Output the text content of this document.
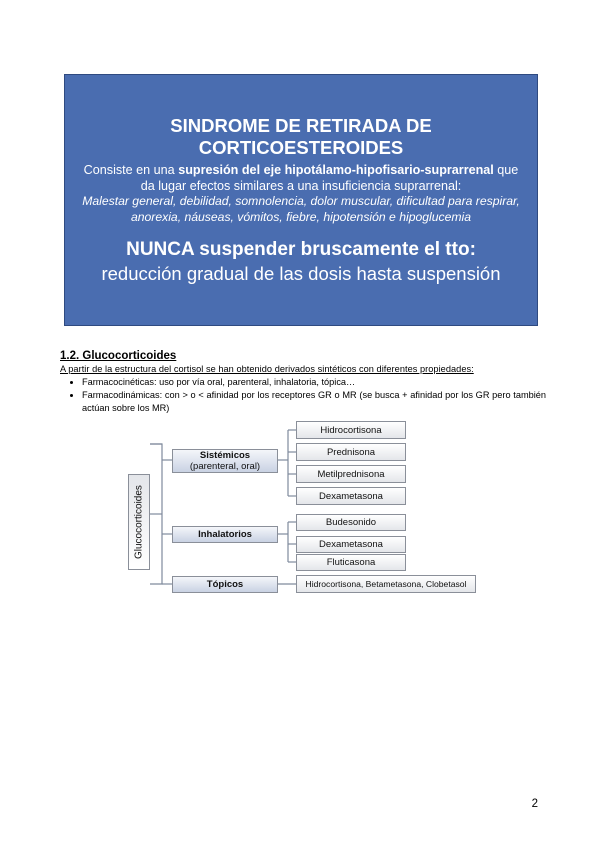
SINDROME DE RETIRADA DE
CORTICOESTEROIDES
Consiste en una supresión del eje hipotálamo-hipofisario-suprarrenal que da lugar efectos similares a una insuficiencia suprarrenal:
Malestar general, debilidad, somnolencia, dolor muscular, dificultad para respirar, anorexia, náuseas, vómitos, fiebre, hipotensión e hipoglucemia
NUNCA suspender bruscamente el tto:
reducción gradual de las dosis hasta suspensión
1.2. Glucocorticoides
A partir de la estructura del cortisol se han obtenido derivados sintéticos con diferentes propiedades:
• Farmacocinéticas: uso por vía oral, parenteral, inhalatoria, tópica…
• Farmacodinámicas: con > o < afinidad por los receptores GR o MR (se busca + afinidad por los GR pero también actúan sobre los MR)
Glucocorticoides
Sistémicos
(parenteral, oral)
Inhalatorios
Tópicos
Hidrocortisona
Prednisona
Metilprednisona
Dexametasona
Budesonido
Dexametasona
Fluticasona
Hidrocortisona, Betametasona, Clobetasol
2
